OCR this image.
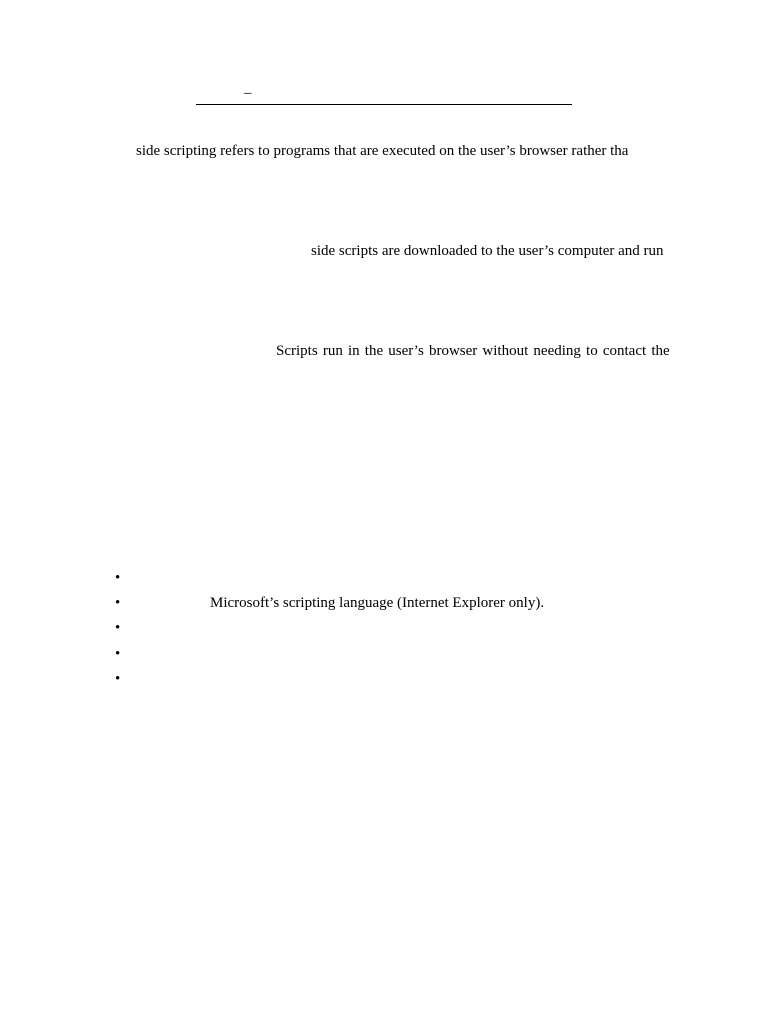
–
side scripting refers to programs that are executed on the user’s browser rather tha
side scripts are downloaded to the user’s computer and run
Scripts run in the user’s browser without needing to contact the
•
•	Microsoft’s scripting language (Internet Explorer only).
•
•
•
